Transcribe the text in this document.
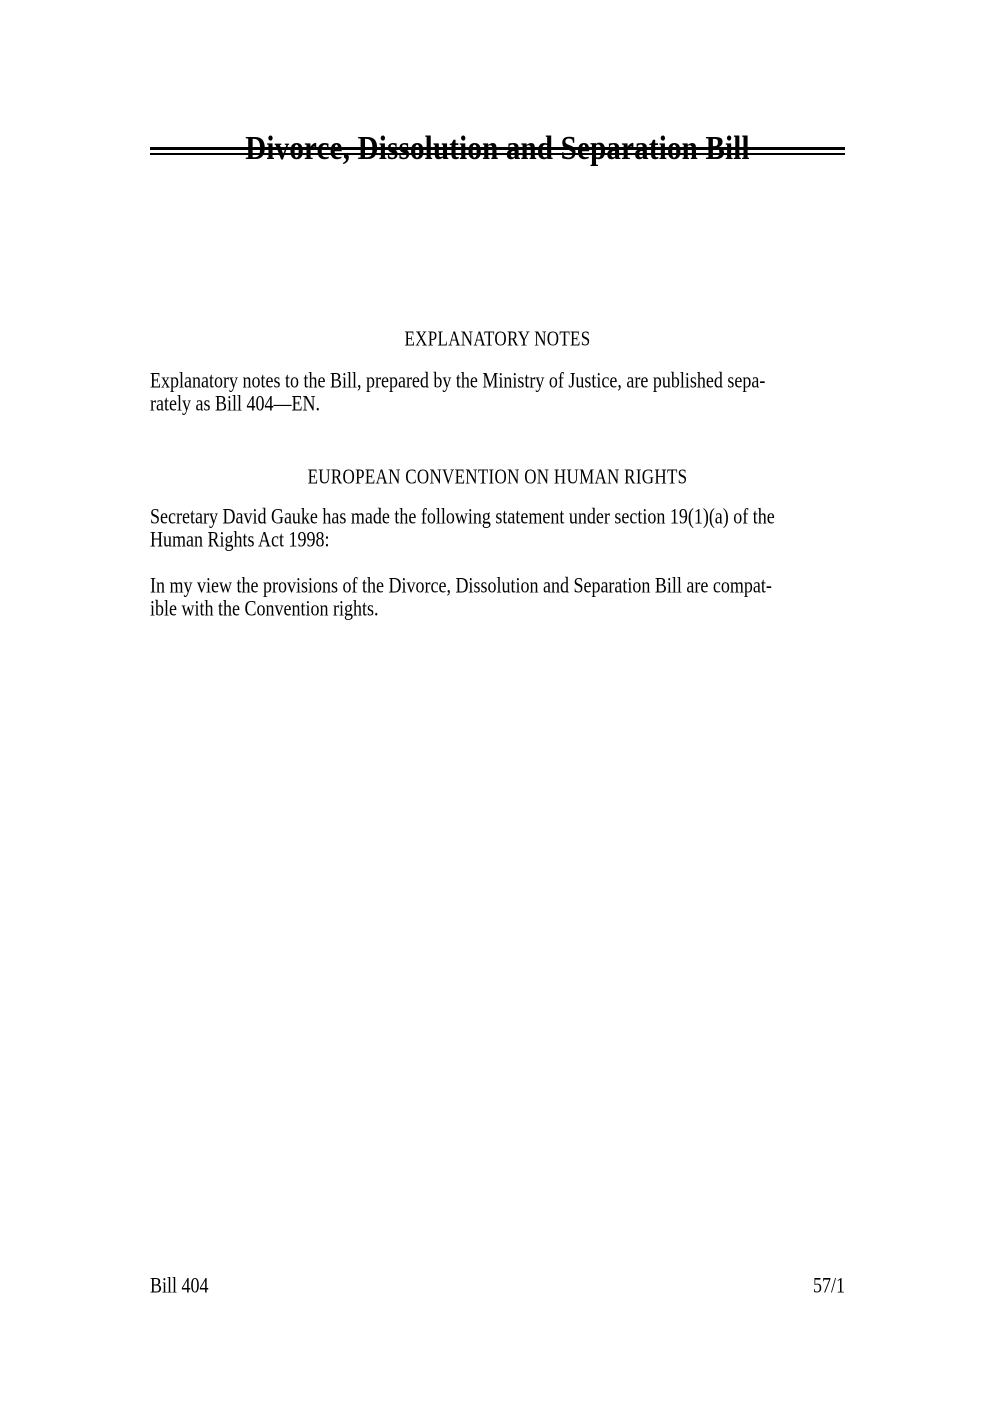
Divorce, Dissolution and Separation Bill
EXPLANATORY NOTES
Explanatory notes to the Bill, prepared by the Ministry of Justice, are published sepa-
rately as Bill 404—EN.
EUROPEAN CONVENTION ON HUMAN RIGHTS
Secretary David Gauke has made the following statement under section 19(1)(a) of the
Human Rights Act 1998:
In my view the provisions of the Divorce, Dissolution and Separation Bill are compat-
ible with the Convention rights.
Bill 404	57/1
